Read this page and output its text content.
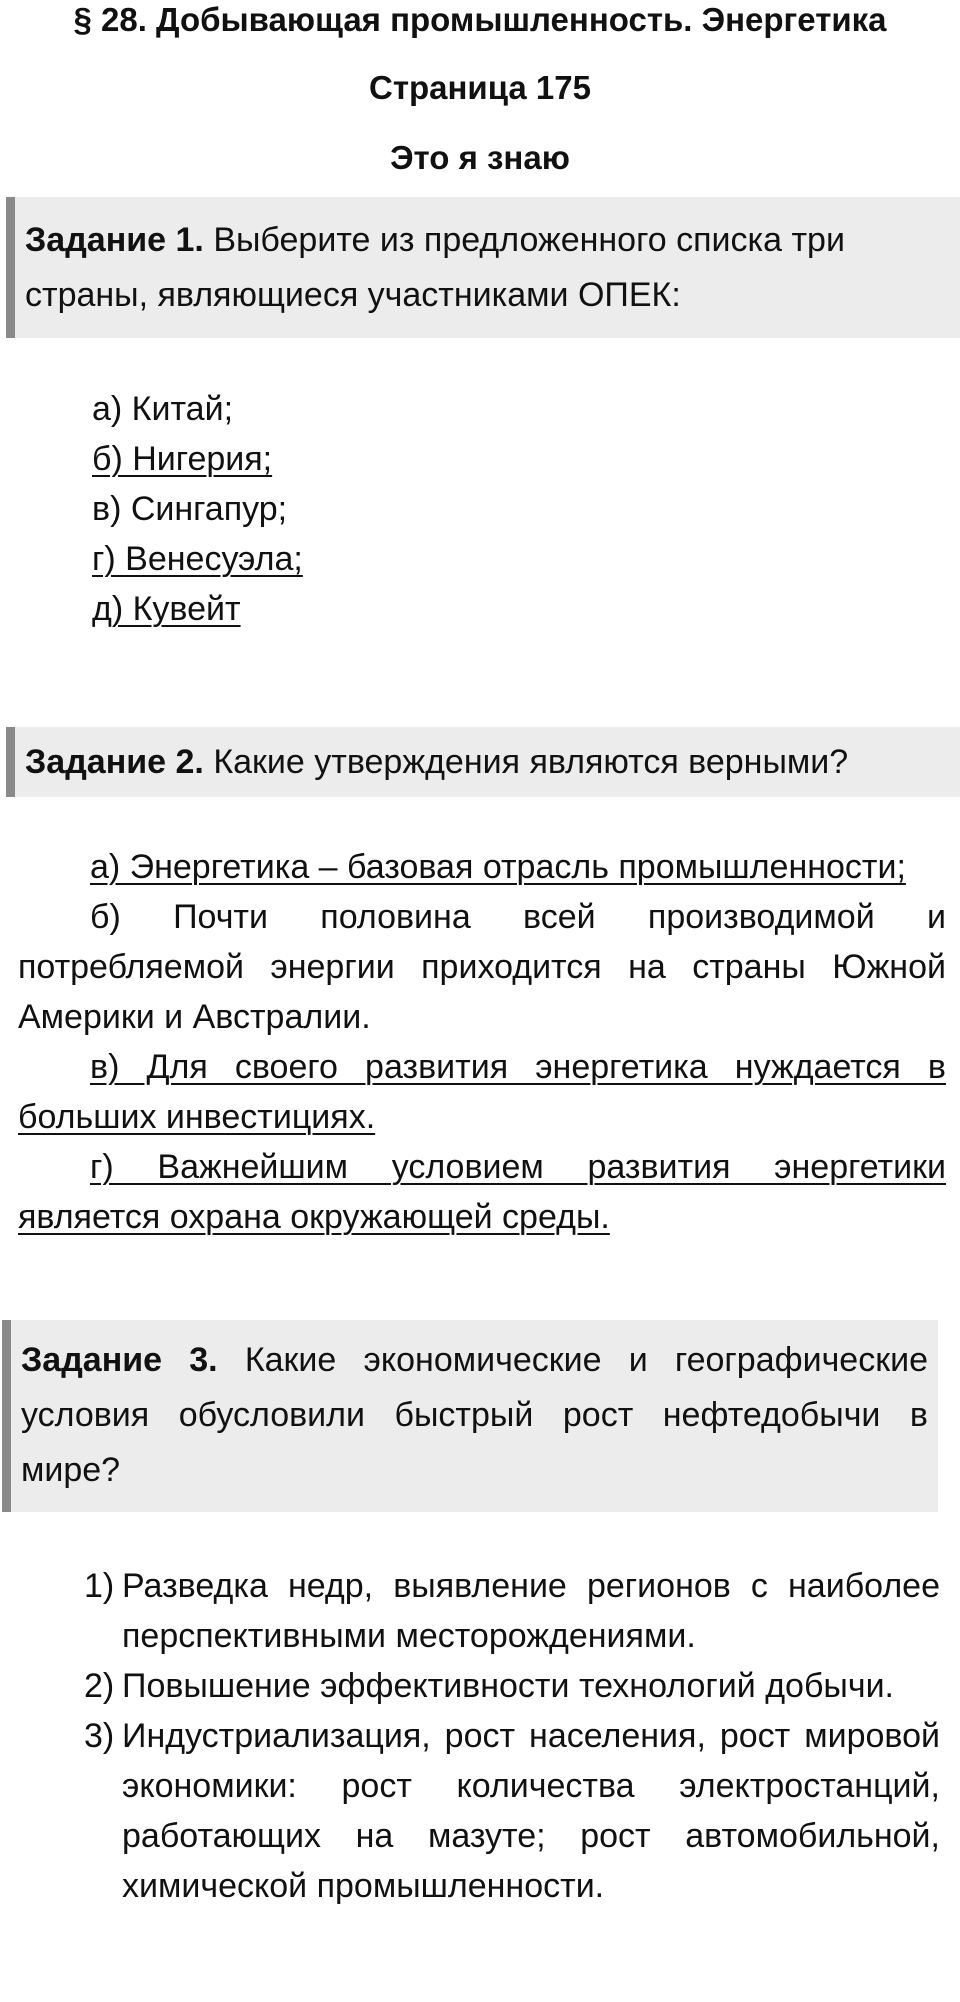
§ 28. Добывающая промышленность. Энергетика
Страница 175
Это я знаю
Задание 1. Выберите из предложенного списка три страны, являющиеся участниками ОПЕК:
а) Китай;
б) Нигерия;
в) Сингапур;
г) Венесуэла;
д) Кувейт
Задание 2. Какие утверждения являются верными?

а) Энергетика – базовая отрасль промышленности;

б) Почти половина всей производимой и потребляемой энергии приходится на страны Южной Америки и Австралии.

в) Для своего развития энергетика нуждается в больших инвестициях.

г) Важнейшим условием развития энергетики является охрана окружающей среды.

Задание 3. Какие экономические и географические условия обусловили быстрый рост нефтедобычи в мире?
1) Разведка недр, выявление регионов с наиболее перспективными месторождениями.
2) Повышение эффективности технологий добычи.
3) Индустриализация, рост населения, рост мировой экономики: рост количества электростанций, работающих на мазуте; рост автомобильной, химической промышленности.
